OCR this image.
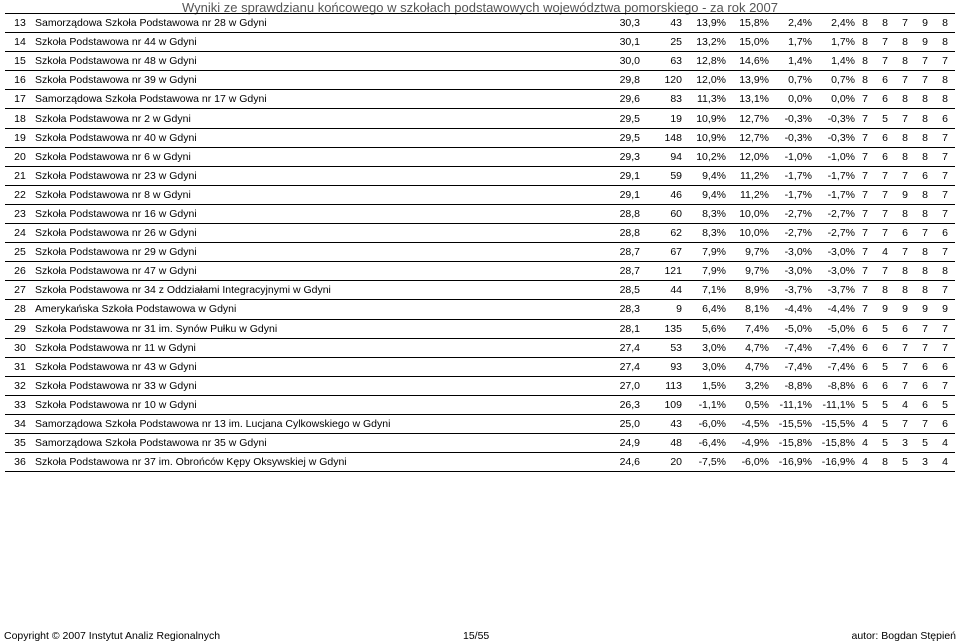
Wyniki ze sprawdzianu końcowego w szkołach podstawowych województwa pomorskiego - za rok 2007
13	Samorządowa Szkoła Podstawowa nr 28 w Gdyni	30,3	43	13,9%	15,8%	2,4%	2,4%	8	8	7	9	8
14	Szkoła Podstawowa nr 44 w Gdyni	30,1	25	13,2%	15,0%	1,7%	1,7%	8	7	8	9	8
15	Szkoła Podstawowa nr 48 w Gdyni	30,0	63	12,8%	14,6%	1,4%	1,4%	8	7	8	7	7
16	Szkoła Podstawowa nr 39 w Gdyni	29,8	120	12,0%	13,9%	0,7%	0,7%	8	6	7	7	8
17	Samorządowa Szkoła Podstawowa nr 17 w Gdyni	29,6	83	11,3%	13,1%	0,0%	0,0%	7	6	8	8	8
18	Szkoła Podstawowa nr 2 w Gdyni	29,5	19	10,9%	12,7%	-0,3%	-0,3%	7	5	7	8	6
19	Szkoła Podstawowa nr 40 w Gdyni	29,5	148	10,9%	12,7%	-0,3%	-0,3%	7	6	8	8	7
20	Szkoła Podstawowa nr 6 w Gdyni	29,3	94	10,2%	12,0%	-1,0%	-1,0%	7	6	8	8	7
21	Szkoła Podstawowa nr 23 w Gdyni	29,1	59	9,4%	11,2%	-1,7%	-1,7%	7	7	7	6	7
22	Szkoła Podstawowa nr 8 w Gdyni	29,1	46	9,4%	11,2%	-1,7%	-1,7%	7	7	9	8	7
23	Szkoła Podstawowa nr 16 w Gdyni	28,8	60	8,3%	10,0%	-2,7%	-2,7%	7	7	8	8	7
24	Szkoła Podstawowa nr 26 w Gdyni	28,8	62	8,3%	10,0%	-2,7%	-2,7%	7	7	6	7	6
25	Szkoła Podstawowa nr 29 w Gdyni	28,7	67	7,9%	9,7%	-3,0%	-3,0%	7	4	7	8	7
26	Szkoła Podstawowa nr 47 w Gdyni	28,7	121	7,9%	9,7%	-3,0%	-3,0%	7	7	8	8	8
27	Szkoła Podstawowa nr 34 z Oddziałami Integracyjnymi w Gdyni	28,5	44	7,1%	8,9%	-3,7%	-3,7%	7	8	8	8	7
28	Amerykańska Szkoła Podstawowa w Gdyni	28,3	9	6,4%	8,1%	-4,4%	-4,4%	7	9	9	9	9
29	Szkoła Podstawowa nr 31 im. Synów Pułku w Gdyni	28,1	135	5,6%	7,4%	-5,0%	-5,0%	6	5	6	7	7
30	Szkoła Podstawowa nr 11 w Gdyni	27,4	53	3,0%	4,7%	-7,4%	-7,4%	6	6	7	7	7
31	Szkoła Podstawowa nr 43 w Gdyni	27,4	93	3,0%	4,7%	-7,4%	-7,4%	6	5	7	6	6
32	Szkoła Podstawowa nr 33 w Gdyni	27,0	113	1,5%	3,2%	-8,8%	-8,8%	6	6	7	6	7
33	Szkoła Podstawowa nr 10 w Gdyni	26,3	109	-1,1%	0,5%	-11,1%	-11,1%	5	5	4	6	5
34	Samorządowa Szkoła Podstawowa nr 13 im. Lucjana Cylkowskiego w Gdyni	25,0	43	-6,0%	-4,5%	-15,5%	-15,5%	4	5	7	7	6
35	Samorządowa Szkoła Podstawowa nr 35 w Gdyni	24,9	48	-6,4%	-4,9%	-15,8%	-15,8%	4	5	3	5	4
36	Szkoła Podstawowa nr 37 im. Obrońców Kępy Oksywskiej w Gdyni	24,6	20	-7,5%	-6,0%	-16,9%	-16,9%	4	8	5	3	4
Copyright © 2007 Instytut Analiz Regionalnych	15/55	autor: Bogdan Stępień
